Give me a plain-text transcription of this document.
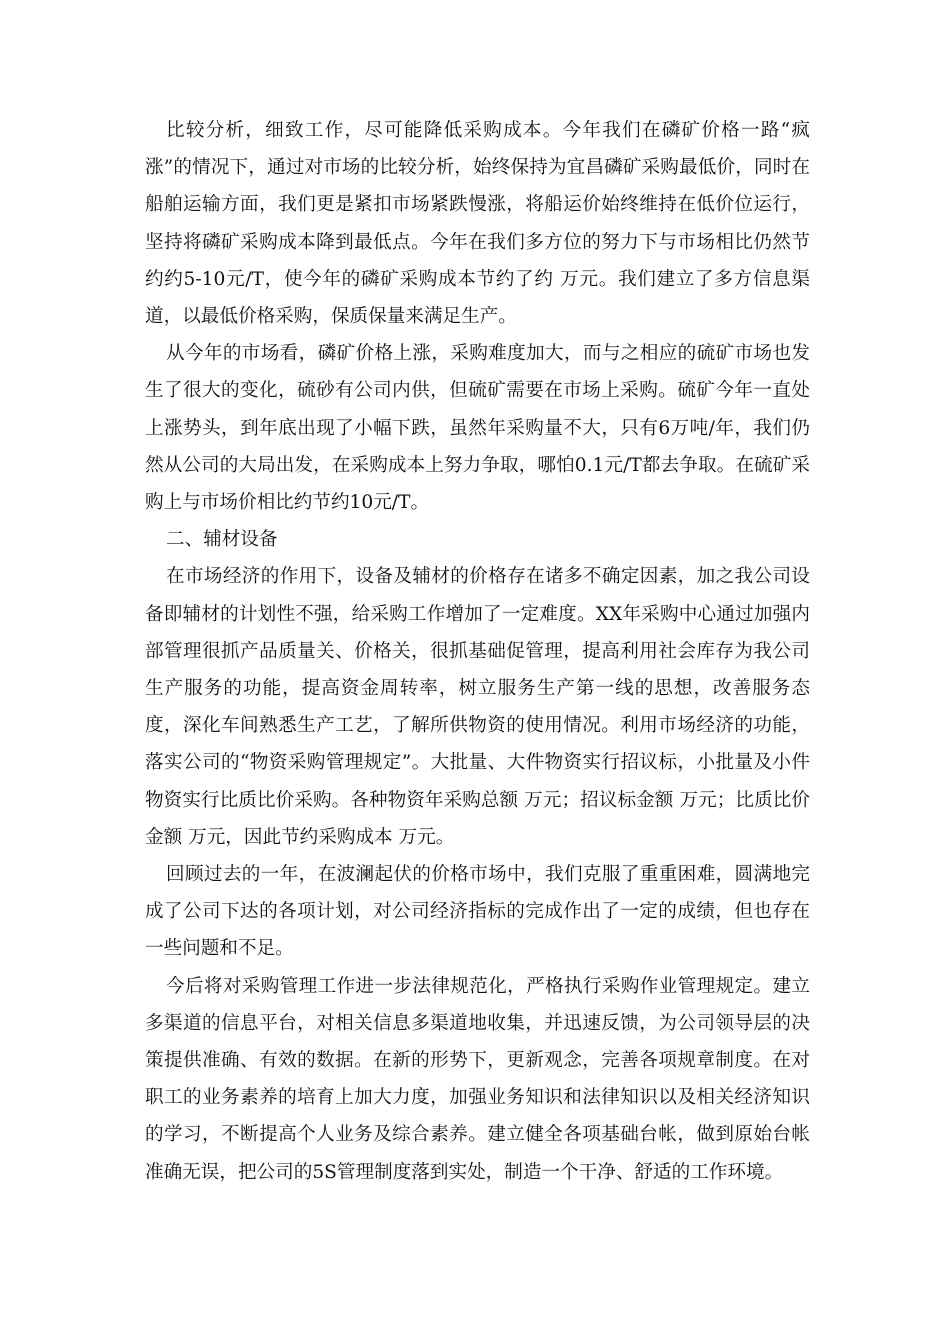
比较分析，细致工作，尽可能降低采购成本。今年我们在磷矿价格一路“疯涨”的情况下，通过对市场的比较分析，始终保持为宜昌磷矿采购最低价，同时在船舶运输方面，我们更是紧扣市场紧跌慢涨，将船运价始终维持在低价位运行，坚持将磷矿采购成本降到最低点。今年在我们多方位的努力下与市场相比仍然节约约5-10元/T，使今年的磷矿采购成本节约了约 万元。我们建立了多方信息渠道，以最低价格采购，保质保量来满足生产。

从今年的市场看，磷矿价格上涨，采购难度加大，而与之相应的硫矿市场也发生了很大的变化，硫砂有公司内供，但硫矿需要在市场上采购。硫矿今年一直处上涨势头，到年底出现了小幅下跌，虽然年采购量不大，只有6万吨/年，我们仍然从公司的大局出发，在采购成本上努力争取，哪怕0.1元/T都去争取。在硫矿采购上与市场价相比约节约10元/T。

二、辅材设备

在市场经济的作用下，设备及辅材的价格存在诸多不确定因素，加之我公司设备即辅材的计划性不强，给采购工作增加了一定难度。XX年采购中心通过加强内部管理很抓产品质量关、价格关，很抓基础促管理，提高利用社会库存为我公司生产服务的功能，提高资金周转率，树立服务生产第一线的思想，改善服务态度，深化车间熟悉生产工艺，了解所供物资的使用情况。利用市场经济的功能，落实公司的“物资采购管理规定”。大批量、大件物资实行招议标，小批量及小件物资实行比质比价采购。各种物资年采购总额 万元；招议标金额 万元；比质比价金额 万元，因此节约采购成本 万元。

回顾过去的一年，在波澜起伏的价格市场中，我们克服了重重困难，圆满地完成了公司下达的各项计划，对公司经济指标的完成作出了一定的成绩，但也存在一些问题和不足。

今后将对采购管理工作进一步法律规范化，严格执行采购作业管理规定。建立多渠道的信息平台，对相关信息多渠道地收集，并迅速反馈，为公司领导层的决策提供准确、有效的数据。在新的形势下，更新观念，完善各项规章制度。在对职工的业务素养的培育上加大力度，加强业务知识和法律知识以及相关经济知识的学习，不断提高个人业务及综合素养。建立健全各项基础台帐，做到原始台帐准确无误，把公司的5S管理制度落到实处，制造一个干净、舒适的工作环境。
